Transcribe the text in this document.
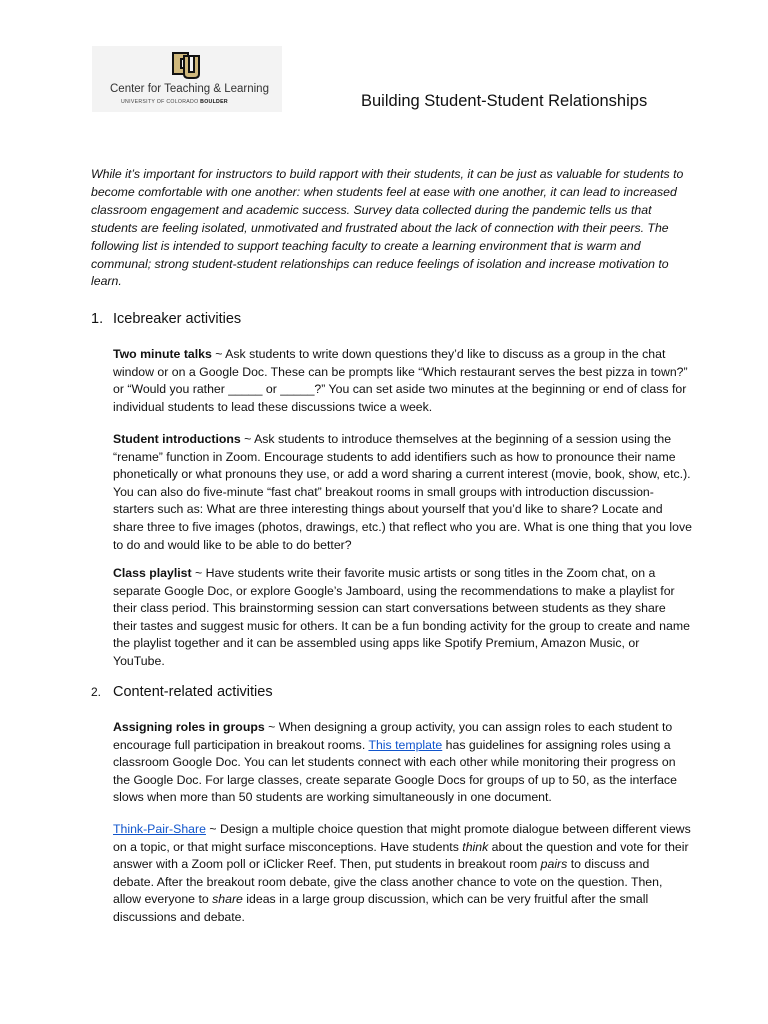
Center for Teaching & Learning
UNIVERSITY OF COLORADO BOULDER	Building Student-Student Relationships

While it’s important for instructors to build rapport with their students, it can be just as valuable for students to become comfortable with one another: when students feel at ease with one another, it can lead to increased classroom engagement and academic success. Survey data collected during the pandemic tells us that students are feeling isolated, unmotivated and frustrated about the lack of connection with their peers. The following list is intended to support teaching faculty to create a learning environment that is warm and communal; strong student-student relationships can reduce feelings of isolation and increase motivation to learn.

1. Icebreaker activities

Two minute talks ~ Ask students to write down questions they’d like to discuss as a group in the chat window or on a Google Doc. These can be prompts like “Which restaurant serves the best pizza in town?” or “Would you rather _____ or _____?” You can set aside two minutes at the beginning or end of class for individual students to lead these discussions twice a week.

Student introductions ~ Ask students to introduce themselves at the beginning of a session using the “rename” function in Zoom. Encourage students to add identifiers such as how to pronounce their name phonetically or what pronouns they use, or add a word sharing a current interest (movie, book, show, etc.). You can also do five-minute “fast chat” breakout rooms in small groups with introduction discussion-starters such as: What are three interesting things about yourself that you’d like to share? Locate and share three to five images (photos, drawings, etc.) that reflect who you are. What is one thing that you love to do and would like to be able to do better?

Class playlist ~ Have students write their favorite music artists or song titles in the Zoom chat, on a separate Google Doc, or explore Google’s Jamboard, using the recommendations to make a playlist for their class period. This brainstorming session can start conversations between students as they share their tastes and suggest music for others. It can be a fun bonding activity for the group to create and name the playlist together and it can be assembled using apps like Spotify Premium, Amazon Music, or YouTube.

2. Content-related activities

Assigning roles in groups ~ When designing a group activity, you can assign roles to each student to encourage full participation in breakout rooms. This template has guidelines for assigning roles using a classroom Google Doc. You can let students connect with each other while monitoring their progress on the Google Doc. For large classes, create separate Google Docs for groups of up to 50, as the interface slows when more than 50 students are working simultaneously in one document.

Think-Pair-Share ~ Design a multiple choice question that might promote dialogue between different views on a topic, or that might surface misconceptions. Have students think about the question and vote for their answer with a Zoom poll or iClicker Reef. Then, put students in breakout room pairs to discuss and debate. After the breakout room debate, give the class another chance to vote on the question. Then, allow everyone to share ideas in a large group discussion, which can be very fruitful after the small discussions and debate.
